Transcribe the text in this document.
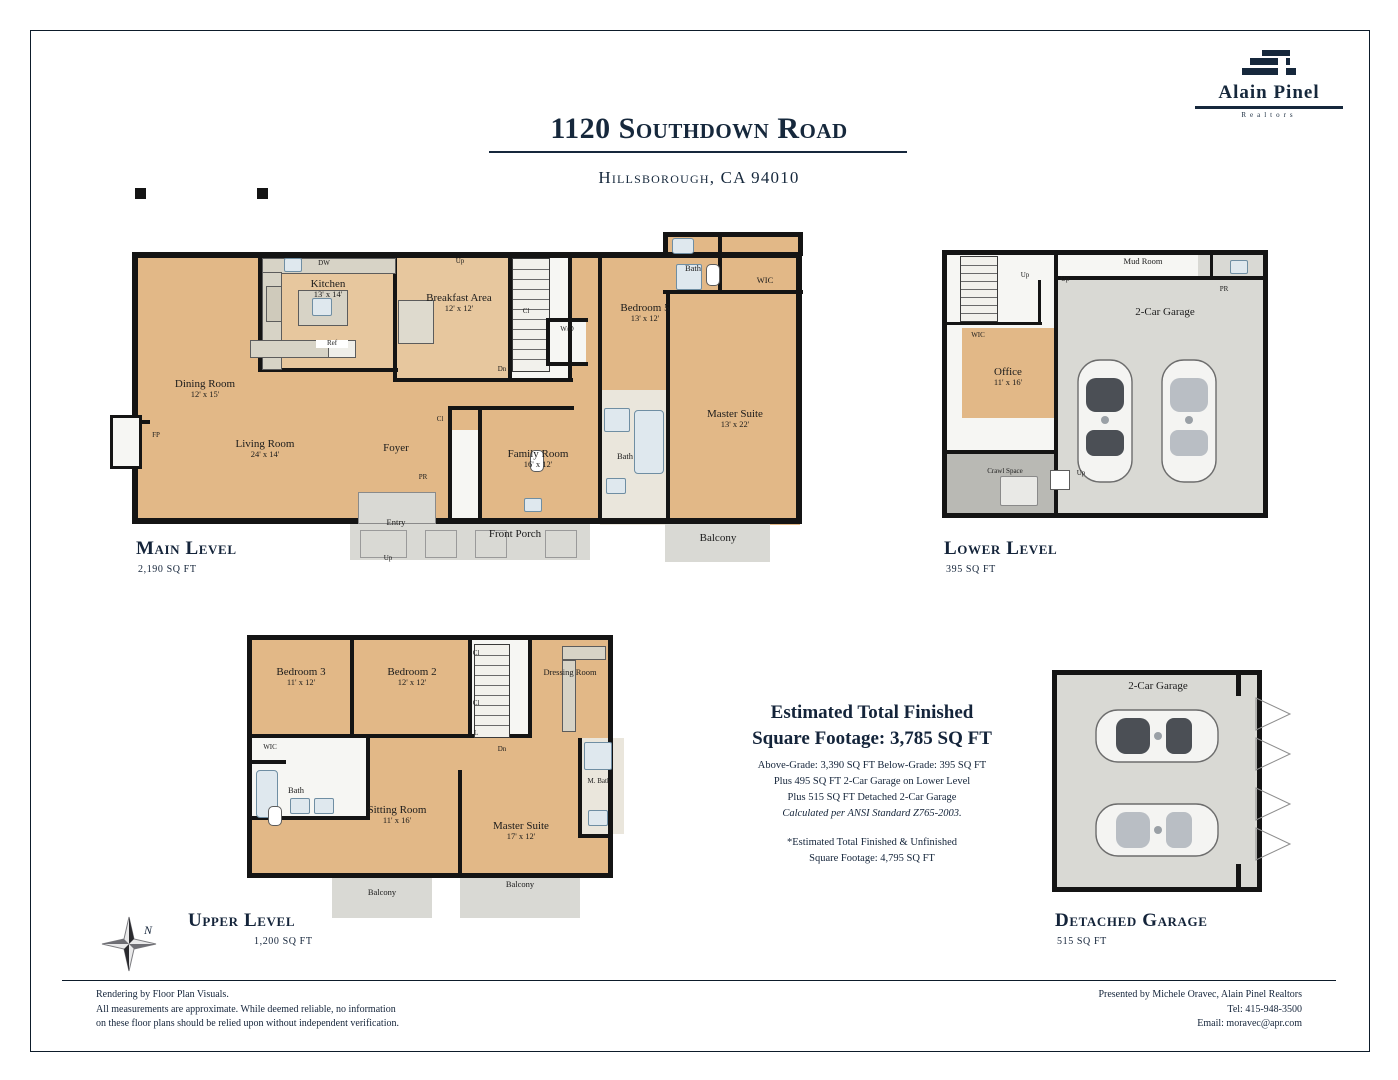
1120 Southdown Road
Hillsborough, CA 94010
Alain Pinel
Realtors
Dining Room
12' x 15'
Kitchen
13' x 14'	Breakfast Area
12' x 12'	Bedroom 5
13' x 12'
Bath
WIC
Living Room
24' x 14'
Foyer	Family Room
16' x 12'
Bath
Master Suite
13' x 22'
Entry
Front Porch	Balcony
DW
Ref
Cl
W/D
Up
Dn
PR
FP
Up
Cl
Main Level
2,190 SQ FT
Mud Room
2-Car Garage
Office
11' x 16'
Crawl Space
WIC
Up	Up
PR
Up
Lower Level
395 SQ FT
Bedroom 3
11' x 12'
Bedroom 2
12' x 12'
Dressing Room
WIC
Bath
Sitting Room
11' x 16'	Master Suite
17' x 12'
M. Bath
Balcony
Balcony
Cl
Cl
L
Dn
Upper Level
1,200 SQ FT
2-Car Garage
Detached Garage
515 SQ FT
Estimated Total Finished
Square Footage: 3,785 SQ FT
Above-Grade: 3,390 SQ FT Below-Grade: 395 SQ FT
Plus 495 SQ FT 2-Car Garage on Lower Level
Plus 515 SQ FT Detached 2-Car Garage
Calculated per ANSI Standard Z765-2003.
*Estimated Total Finished & Unfinished
Square Footage: 4,795 SQ FT
N
Rendering by Floor Plan Visuals.
All measurements are approximate. While deemed reliable, no information
on these floor plans should be relied upon without independent verification.
Presented by Michele Oravec, Alain Pinel Realtors
Tel: 415-948-3500
Email: moravec@apr.com
